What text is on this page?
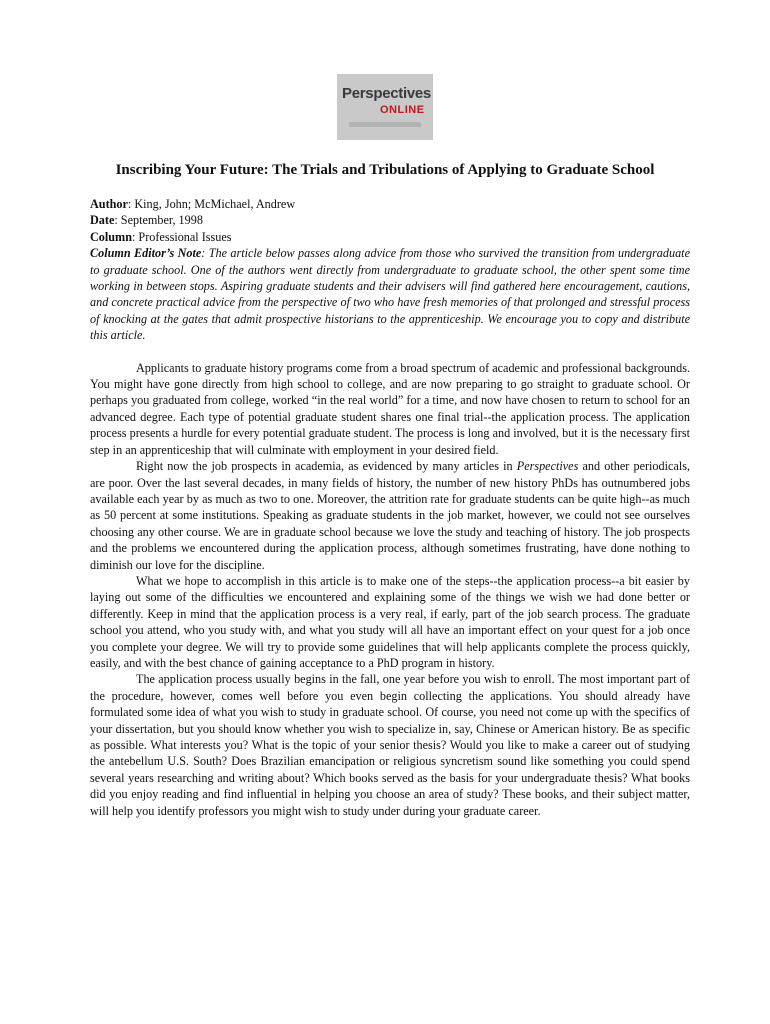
Perspectives
ONLINE
Inscribing Your Future: The Trials and Tribulations of Applying to Graduate School
Author: King, John; McMichael, Andrew
Date: September, 1998
Column: Professional Issues
Column Editor’s Note: The article below passes along advice from those who survived the transition from undergraduate to graduate school. One of the authors went directly from undergraduate to graduate school, the other spent some time working in between stops. Aspiring graduate students and their advisers will find gathered here encouragement, cautions, and concrete practical advice from the perspective of two who have fresh memories of that prolonged and stressful process of knocking at the gates that admit prospective historians to the apprenticeship. We encourage you to copy and distribute this article.

Applicants to graduate history programs come from a broad spectrum of academic and professional backgrounds. You might have gone directly from high school to college, and are now preparing to go straight to graduate school. Or perhaps you graduated from college, worked “in the real world” for a time, and now have chosen to return to school for an advanced degree. Each type of potential graduate student shares one final trial--the application process. The application process presents a hurdle for every potential graduate student. The process is long and involved, but it is the necessary first step in an apprenticeship that will culminate with employment in your desired field.

Right now the job prospects in academia, as evidenced by many articles in Perspectives and other periodicals, are poor. Over the last several decades, in many fields of history, the number of new history PhDs has outnumbered jobs available each year by as much as two to one. Moreover, the attrition rate for graduate students can be quite high--as much as 50 percent at some institutions. Speaking as graduate students in the job market, however, we could not see ourselves choosing any other course. We are in graduate school because we love the study and teaching of history. The job prospects and the problems we encountered during the application process, although sometimes frustrating, have done nothing to diminish our love for the discipline.

What we hope to accomplish in this article is to make one of the steps--the application process--a bit easier by laying out some of the difficulties we encountered and explaining some of the things we wish we had done better or differently. Keep in mind that the application process is a very real, if early, part of the job search process. The graduate school you attend, who you study with, and what you study will all have an important effect on your quest for a job once you complete your degree. We will try to provide some guidelines that will help applicants complete the process quickly, easily, and with the best chance of gaining acceptance to a PhD program in history.

The application process usually begins in the fall, one year before you wish to enroll. The most important part of the procedure, however, comes well before you even begin collecting the applications. You should already have formulated some idea of what you wish to study in graduate school. Of course, you need not come up with the specifics of your dissertation, but you should know whether you wish to specialize in, say, Chinese or American history. Be as specific as possible. What interests you? What is the topic of your senior thesis? Would you like to make a career out of studying the antebellum U.S. South? Does Brazilian emancipation or religious syncretism sound like something you could spend several years researching and writing about? Which books served as the basis for your undergraduate thesis? What books did you enjoy reading and find influential in helping you choose an area of study? These books, and their subject matter, will help you identify professors you might wish to study under during your graduate career.
